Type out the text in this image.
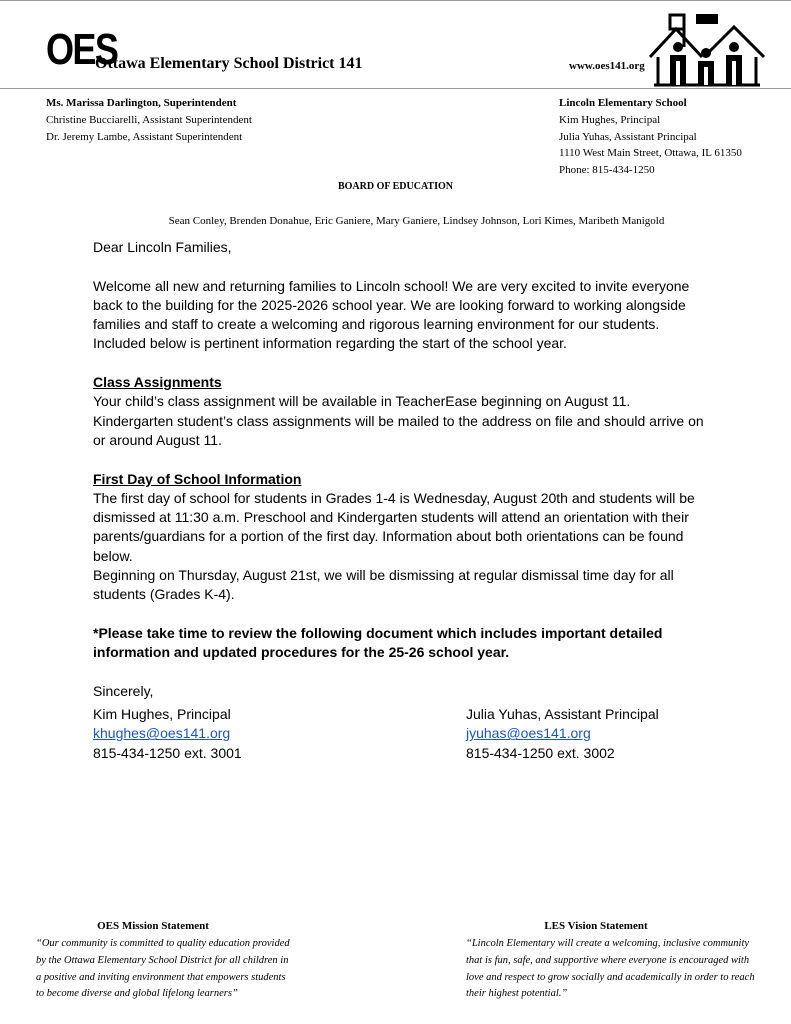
OES
Ottawa Elementary School District 141	www.oes141.org
Ms. Marissa Darlington, Superintendent
Christine Bucciarelli, Assistant Superintendent
Dr. Jeremy Lambe, Assistant Superintendent
Lincoln Elementary School
Kim Hughes, Principal
Julia Yuhas, Assistant Principal
1110 West Main Street, Ottawa, IL 61350
Phone: 815-434-1250
BOARD OF EDUCATION
Sean Conley, Brenden Donahue, Eric Ganiere, Mary Ganiere, Lindsey Johnson, Lori Kimes, Maribeth Manigold

Dear Lincoln Families,

Welcome all new and returning families to Lincoln school! We are very excited to invite everyone back to the building for the 2025-2026 school year. We are looking forward to working alongside families and staff to create a welcoming and rigorous learning environment for our students. Included below is pertinent information regarding the start of the school year.

Class Assignments

Your child’s class assignment will be available in TeacherEase beginning on August 11. Kindergarten student’s class assignments will be mailed to the address on file and should arrive on or around August 11.

First Day of School Information

The first day of school for students in Grades 1-4 is Wednesday, August 20th and students will be dismissed at 11:30 a.m. Preschool and Kindergarten students will attend an orientation with their parents/guardians for a portion of the first day. Information about both orientations can be found below.

Beginning on Thursday, August 21st, we will be dismissing at regular dismissal time day for all students (Grades K-4).

*Please take time to review the following document which includes important detailed information and updated procedures for the 25-26 school year.

Sincerely,

Kim Hughes, Principal
khughes@oes141.org
815-434-1250 ext. 3001
Julia Yuhas, Assistant Principal
jyuhas@oes141.org
815-434-1250 ext. 3002
OES Mission Statement
“Our community is committed to quality education provided by the Ottawa Elementary School District for all children in a positive and inviting environment that empowers students to become diverse and global lifelong learners”
LES Vision Statement
“Lincoln Elementary will create a welcoming, inclusive community that is fun, safe, and supportive where everyone is encouraged with love and respect to grow socially and academically in order to reach their highest potential.”
